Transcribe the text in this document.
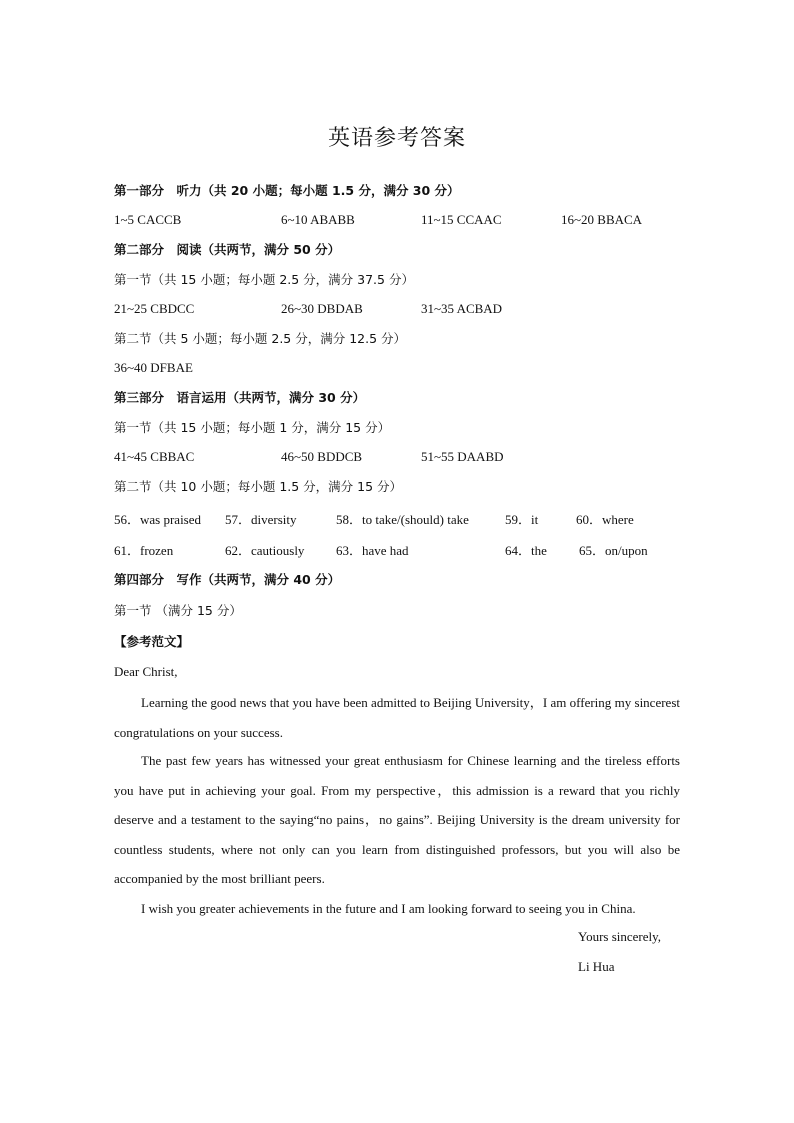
英语参考答案
第一部分　听力（共 20 小题；每小题 1.5 分，满分 30 分）
1~5 CACCB	6~10 ABABB	11~15 CCAAC	16~20 BBACA
第二部分　阅读（共两节，满分 50 分）
第一节（共 15 小题；每小题 2.5 分，满分 37.5 分）
21~25 CBDCC	26~30 DBDAB	31~35 ACBAD
第二节（共 5 小题；每小题 2.5 分，满分 12.5 分）
36~40 DFBAE
第三部分　语言运用（共两节，满分 30 分）
第一节（共 15 小题；每小题 1 分，满分 15 分）
41~45 CBBAC	46~50 BDDCB	51~55 DAABD
第二节（共 10 小题；每小题 1.5 分，满分 15 分）
56．was praised 57．diversity	58．to take/(should) take	59．it	60．where
61．frozen	62．cautiously 63．have had	64．the 65．on/upon
第四部分　写作（共两节，满分 40 分）
第一节 （满分 15 分）
【参考范文】
Dear Christ,
Learning the good news that you have been admitted to Beijing University，I am offering my sincerest congratulations on your success.
The past few years has witnessed your great enthusiasm for Chinese learning and the tireless efforts you have put in achieving your goal. From my perspective，this admission is a reward that you richly deserve and a testament to the saying“no pains，no gains”. Beijing University is the dream university for countless students, where not only can you learn from distinguished professors, but you will also be accompanied by the most brilliant peers.
I wish you greater achievements in the future and I am looking forward to seeing you in China.
Yours sincerely,
Li Hua
